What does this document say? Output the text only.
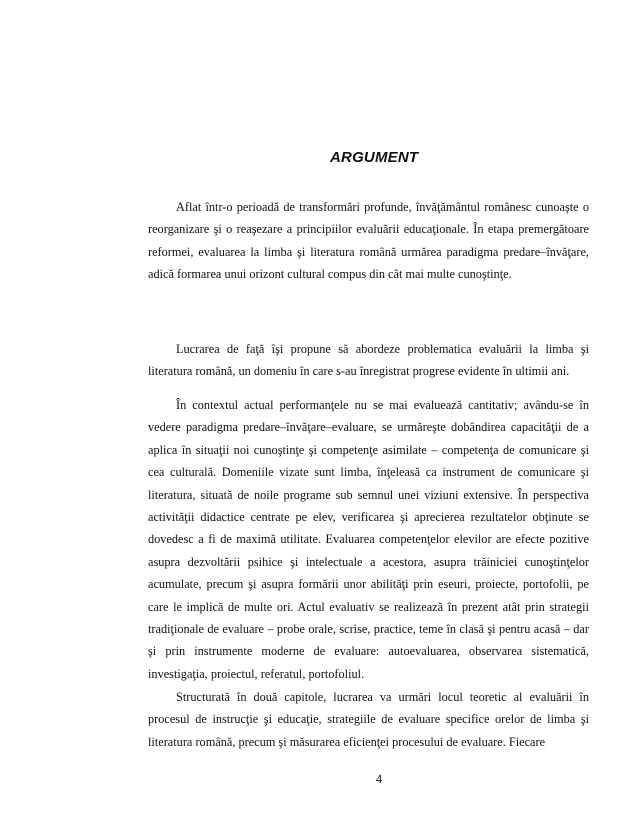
ARGUMENT

Aflat într-o perioadă de transformări profunde, învăţământul românesc cunoaşte o reorganizare şi o reaşezare a principiilor evaluării educaţionale. În etapa premergătoare reformei, evaluarea la limba şi literatura română urmărea paradigma predare–învăţare, adică formarea unui orizont cultural compus din cât mai multe cunoştinţe.

Lucrarea de faţă îşi propune să abordeze problematica evaluării la limba şi literatura română, un domeniu în care s-au înregistrat progrese evidente în ultimii ani.

În contextul actual performanţele nu se mai evaluează cantitativ; avându-se în vedere paradigma predare–învăţare–evaluare, se urmăreşte dobândirea capacităţii de a aplica în situaţii noi cunoştinţe şi competenţe asimilate – competenţa de comunicare şi cea culturală. Domeniile vizate sunt limba, înţeleasă ca instrument de comunicare şi literatura, situată de noile programe sub semnul unei viziuni extensive. În perspectiva activităţii didactice centrate pe elev, verificarea şi aprecierea rezultatelor obţinute se dovedesc a fi de maximă utilitate. Evaluarea competenţelor elevilor are efecte pozitive asupra dezvoltării psihice şi intelectuale a acestora, asupra trăiniciei cunoştinţelor acumulate, precum şi asupra formării unor abilităţi prin eseuri, proiecte, portofolii, pe care le implică de multe ori. Actul evaluativ se realizează în prezent atât prin strategii tradiţionale de evaluare – probe orale, scrise, practice, teme în clasă şi pentru acasă – dar şi prin instrumente moderne de evaluare: autoevaluarea, observarea sistematică, investigaţia, proiectul, referatul, portofoliul.

Structurată în două capitole, lucrarea va urmări locul teoretic al evaluării în procesul de instrucţie şi educaţie, strategiile de evaluare specifice orelor de limba şi literatura română, precum şi măsurarea eficienţei procesului de evaluare. Fiecare

4
